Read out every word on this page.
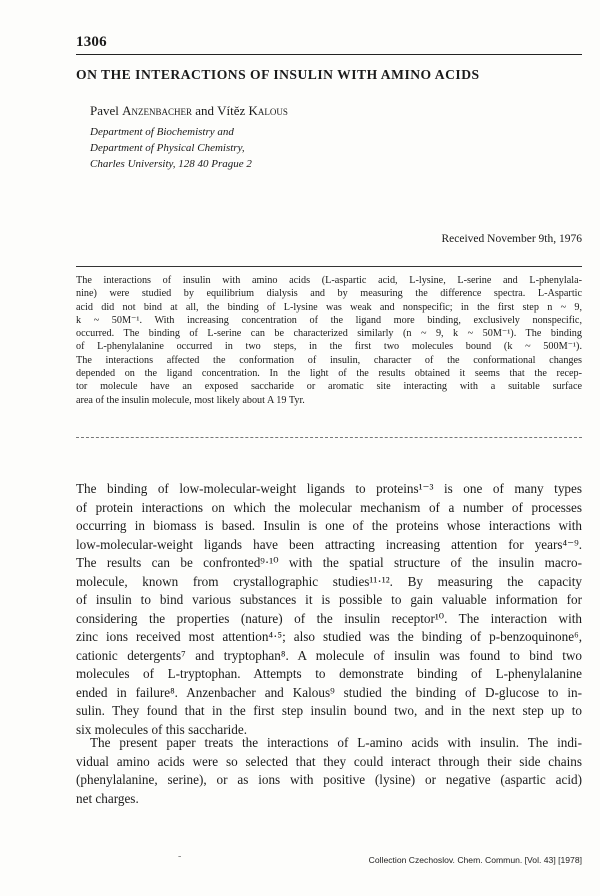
1306
ON THE INTERACTIONS OF INSULIN WITH AMINO ACIDS
Pavel Anzenbacher and Vítěz Kalous
Department of Biochemistry and
Department of Physical Chemistry,
Charles University, 128 40 Prague 2
Received November 9th, 1976
The interactions of insulin with amino acids (L-aspartic acid, L-lysine, L-serine and L-phenylala-
nine) were studied by equilibrium dialysis and by measuring the difference spectra. L-Aspartic
acid did not bind at all, the binding of L-lysine was weak and nonspecific; in the first step n ~ 9,
k ~ 50M⁻¹. With increasing concentration of the ligand more binding, exclusively nonspecific,
occurred. The binding of L-serine can be characterized similarly (n ~ 9, k ~ 50M⁻¹). The binding
of L-phenylalanine occurred in two steps, in the first two molecules bound (k ~ 500M⁻¹).
The interactions affected the conformation of insulin, character of the conformational changes
depended on the ligand concentration. In the light of the results obtained it seems that the recep-
tor molecule have an exposed saccharide or aromatic site interacting with a suitable surface
area of the insulin molecule, most likely about A 19 Tyr.
The binding of low-molecular-weight ligands to proteins¹⁻³ is one of many types
of protein interactions on which the molecular mechanism of a number of processes
occurring in biomass is based. Insulin is one of the proteins whose interactions with
low-molecular-weight ligands have been attracting increasing attention for years⁴⁻⁹.
The results can be confronted⁹·¹⁰ with the spatial structure of the insulin macro-
molecule, known from crystallographic studies¹¹·¹². By measuring the capacity
of insulin to bind various substances it is possible to gain valuable information for
considering the properties (nature) of the insulin receptor¹⁰. The interaction with
zinc ions received most attention⁴·⁵; also studied was the binding of p-benzoquinone⁶,
cationic detergents⁷ and tryptophan⁸. A molecule of insulin was found to bind two
molecules of L-tryptophan. Attempts to demonstrate binding of L-phenylalanine
ended in failure⁸. Anzenbacher and Kalous⁹ studied the binding of D-glucose to in-
sulin. They found that in the first step insulin bound two, and in the next step up to
six molecules of this saccharide.
The present paper treats the interactions of L-amino acids with insulin. The indi-
vidual amino acids were so selected that they could interact through their side chains
(phenylalanine, serine), or as ions with positive (lysine) or negative (aspartic acid)
net charges.
-	Collection Czechoslov. Chem. Commun. [Vol. 43] [1978]
